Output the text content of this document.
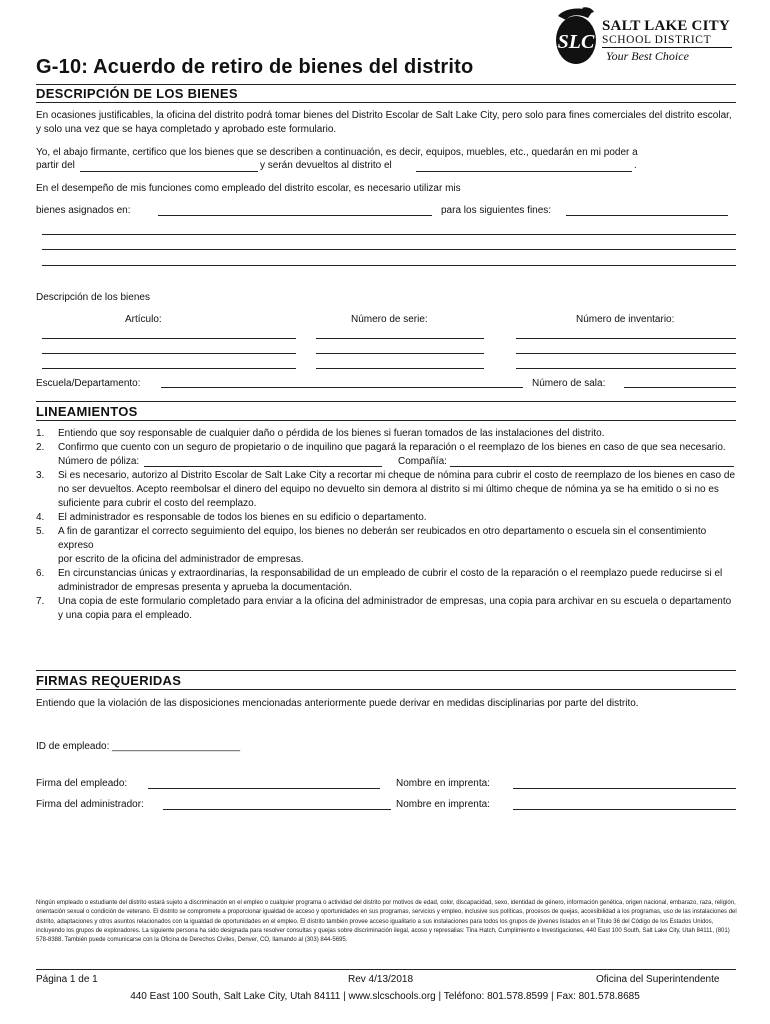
SLC
SALT LAKE CITY
SCHOOL DISTRICT
Your Best Choice
G-10: Acuerdo de retiro de bienes del distrito
DESCRIPCIÓN DE LOS BIENES
En ocasiones justificables, la oficina del distrito podrá tomar bienes del Distrito Escolar de Salt Lake City, pero solo para fines comerciales del distrito escolar, y solo una vez que se haya completado y aprobado este formulario.
Yo, el abajo firmante, certifico que los bienes que se describen a continuación, es decir, equipos, muebles, etc., quedarán en mi poder a
partir del	y serán devueltos al distrito el	.
En el desempeño de mis funciones como empleado del distrito escolar, es necesario utilizar mis
bienes asignados en:	para los siguientes fines:
Descripción de los bienes
Artículo:	Número de serie:	Número de inventario:
Escuela/Departamento:	Número de sala:
LINEAMIENTOS
1. Entiendo que soy responsable de cualquier daño o pérdida de los bienes si fueran tomados de las instalaciones del distrito.
2. Confirmo que cuento con un seguro de propietario o de inquilino que pagará la reparación o el reemplazo de los bienes en caso de que sea necesario.
Número de póliza:	Compañía:
3. Si es necesario, autorizo al Distrito Escolar de Salt Lake City a recortar mi cheque de nómina para cubrir el costo de reemplazo de los bienes en caso de no ser devueltos. Acepto reembolsar el dinero del equipo no devuelto sin demora al distrito si mi último cheque de nómina ya se ha emitido o si no es suficiente para cubrir el costo del reemplazo.
4. El administrador es responsable de todos los bienes en su edificio o departamento.
5. A fin de garantizar el correcto seguimiento del equipo, los bienes no deberán ser reubicados en otro departamento o escuela sin el consentimiento expreso
por escrito de la oficina del administrador de empresas.
6. En circunstancias únicas y extraordinarias, la responsabilidad de un empleado de cubrir el costo de la reparación o el reemplazo puede reducirse si el administrador de empresas presenta y aprueba la documentación.
7. Una copia de este formulario completado para enviar a la oficina del administrador de empresas, una copia para archivar en su escuela o departamento y una copia para el empleado.
FIRMAS REQUERIDAS
Entiendo que la violación de las disposiciones mencionadas anteriormente puede derivar en medidas disciplinarias por parte del distrito.
ID de empleado: _______________________
Firma del empleado:	Nombre en imprenta:
Firma del administrador:	Nombre en imprenta:
Ningún empleado o estudiante del distrito estará sujeto a discriminación en el empleo o cualquier programa o actividad del distrito por motivos de edad, color, discapacidad, sexo, identidad de género, información genética, origen nacional, embarazo, raza, religión, orientación sexual o condición de veterano. El distrito se compromete a proporcionar igualdad de acceso y oportunidades en sus programas, servicios y empleo, inclusive sus políticas, procesos de quejas, accesibilidad a los programas, uso de las instalaciones del distrito, adaptaciones y otros asuntos relacionados con la igualdad de oportunidades en el empleo. El distrito también provee acceso igualitario a sus instalaciones para todos los grupos de jóvenes listados en el Título 36 del Código de los Estados Unidos, incluyendo los grupos de exploradores. La siguiente persona ha sido designada para resolver consultas y quejas sobre discriminación ilegal, acoso y represalias: Tina Hatch, Cumplimiento e Investigaciones, 440 East 100 South, Salt Lake City, Utah 84111, (801) 578-8388. También puede comunicarse con la Oficina de Derechos Civiles, Denver, CO, llamando al (303) 844-5695.
Página 1 de 1	Rev 4/13/2018	Oficina del Superintendente
440 East 100 South, Salt Lake City, Utah 84111 | www.slcschools.org | Teléfono: 801.578.8599 | Fax: 801.578.8685
